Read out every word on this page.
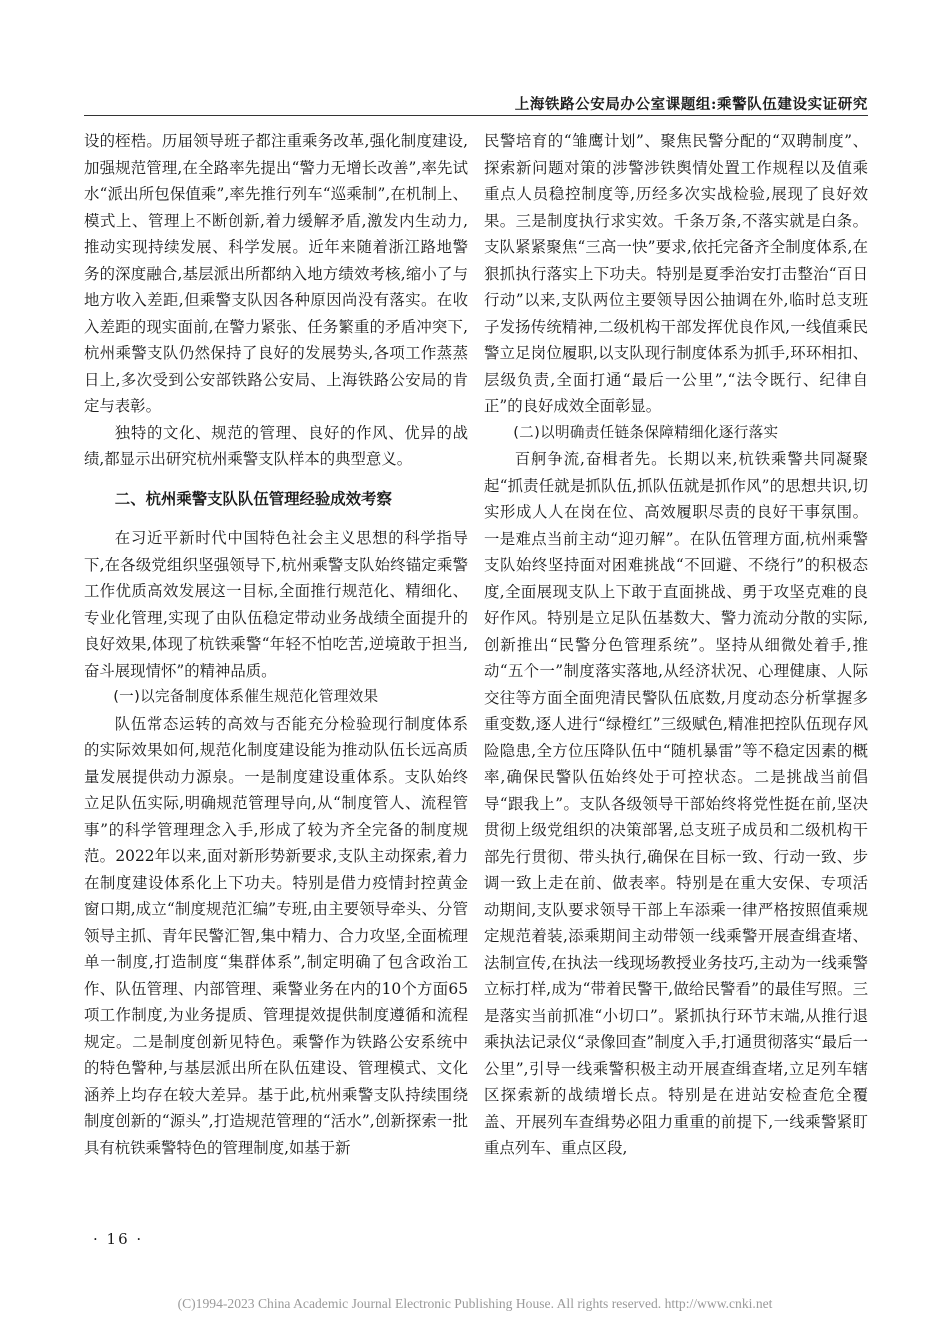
上海铁路公安局办公室课题组:乘警队伍建设实证研究

设的桎梏。历届领导班子都注重乘务改革,强化制度建设,加强规范管理,在全路率先提出“警力无增长改善”,率先试水“派出所包保值乘”,率先推行列车“巡乘制”,在机制上、模式上、管理上不断创新,着力缓解矛盾,激发内生动力,推动实现持续发展、科学发展。近年来随着浙江路地警务的深度融合,基层派出所都纳入地方绩效考核,缩小了与地方收入差距,但乘警支队因各种原因尚没有落实。在收入差距的现实面前,在警力紧张、任务繁重的矛盾冲突下,杭州乘警支队仍然保持了良好的发展势头,各项工作蒸蒸日上,多次受到公安部铁路公安局、上海铁路公安局的肯定与表彰。

独特的文化、规范的管理、良好的作风、优异的战绩,都显示出研究杭州乘警支队样本的典型意义。

二、杭州乘警支队队伍管理经验成效考察

在习近平新时代中国特色社会主义思想的科学指导下,在各级党组织坚强领导下,杭州乘警支队始终锚定乘警工作优质高效发展这一目标,全面推行规范化、精细化、专业化管理,实现了由队伍稳定带动业务战绩全面提升的良好效果,体现了杭铁乘警“年轻不怕吃苦,逆境敢于担当,奋斗展现情怀”的精神品质。

(一)以完备制度体系催生规范化管理效果

队伍常态运转的高效与否能充分检验现行制度体系的实际效果如何,规范化制度建设能为推动队伍长远高质量发展提供动力源泉。一是制度建设重体系。支队始终立足队伍实际,明确规范管理导向,从“制度管人、流程管事”的科学管理理念入手,形成了较为齐全完备的制度规范。2022年以来,面对新形势新要求,支队主动探索,着力在制度建设体系化上下功夫。特别是借力疫情封控黄金窗口期,成立“制度规范汇编”专班,由主要领导牵头、分管领导主抓、青年民警汇智,集中精力、合力攻坚,全面梳理单一制度,打造制度“集群体系”,制定明确了包含政治工作、队伍管理、内部管理、乘警业务在内的10个方面65项工作制度,为业务提质、管理提效提供制度遵循和流程规定。二是制度创新见特色。乘警作为铁路公安系统中的特色警种,与基层派出所在队伍建设、管理模式、文化涵养上均存在较大差异。基于此,杭州乘警支队持续围绕制度创新的“源头”,打造规范管理的“活水”,创新探索一批具有杭铁乘警特色的管理制度,如基于新

民警培育的“雏鹰计划”、聚焦民警分配的“双聘制度”、探索新问题对策的涉警涉铁舆情处置工作规程以及值乘重点人员稳控制度等,历经多次实战检验,展现了良好效果。三是制度执行求实效。千条万条,不落实就是白条。支队紧紧聚焦“三高一快”要求,依托完备齐全制度体系,在狠抓执行落实上下功夫。特别是夏季治安打击整治“百日行动”以来,支队两位主要领导因公抽调在外,临时总支班子发扬传统精神,二级机构干部发挥优良作风,一线值乘民警立足岗位履职,以支队现行制度体系为抓手,环环相扣、层级负责,全面打通“最后一公里”,“法令既行、纪律自正”的良好成效全面彰显。

(二)以明确责任链条保障精细化逐行落实

百舸争流,奋楫者先。长期以来,杭铁乘警共同凝聚起“抓责任就是抓队伍,抓队伍就是抓作风”的思想共识,切实形成人人在岗在位、高效履职尽责的良好干事氛围。一是难点当前主动“迎刃解”。在队伍管理方面,杭州乘警支队始终坚持面对困难挑战“不回避、不绕行”的积极态度,全面展现支队上下敢于直面挑战、勇于攻坚克难的良好作风。特别是立足队伍基数大、警力流动分散的实际,创新推出“民警分色管理系统”。坚持从细微处着手,推动“五个一”制度落实落地,从经济状况、心理健康、人际交往等方面全面兜清民警队伍底数,月度动态分析掌握多重变数,逐人进行“绿橙红”三级赋色,精准把控队伍现存风险隐患,全方位压降队伍中“随机暴雷”等不稳定因素的概率,确保民警队伍始终处于可控状态。二是挑战当前倡导“跟我上”。支队各级领导干部始终将党性挺在前,坚决贯彻上级党组织的决策部署,总支班子成员和二级机构干部先行贯彻、带头执行,确保在目标一致、行动一致、步调一致上走在前、做表率。特别是在重大安保、专项活动期间,支队要求领导干部上车添乘一律严格按照值乘规定规范着装,添乘期间主动带领一线乘警开展查缉查堵、法制宣传,在执法一线现场教授业务技巧,主动为一线乘警立标打样,成为“带着民警干,做给民警看”的最佳写照。三是落实当前抓准“小切口”。紧抓执行环节末端,从推行退乘执法记录仪“录像回查”制度入手,打通贯彻落实“最后一公里”,引导一线乘警积极主动开展查缉查堵,立足列车辖区探索新的战绩增长点。特别是在进站安检查危全覆盖、开展列车查缉势必阻力重重的前提下,一线乘警紧盯重点列车、重点区段,

· 16 ·
(C)1994-2023 China Academic Journal Electronic Publishing House. All rights reserved. http://www.cnki.net
